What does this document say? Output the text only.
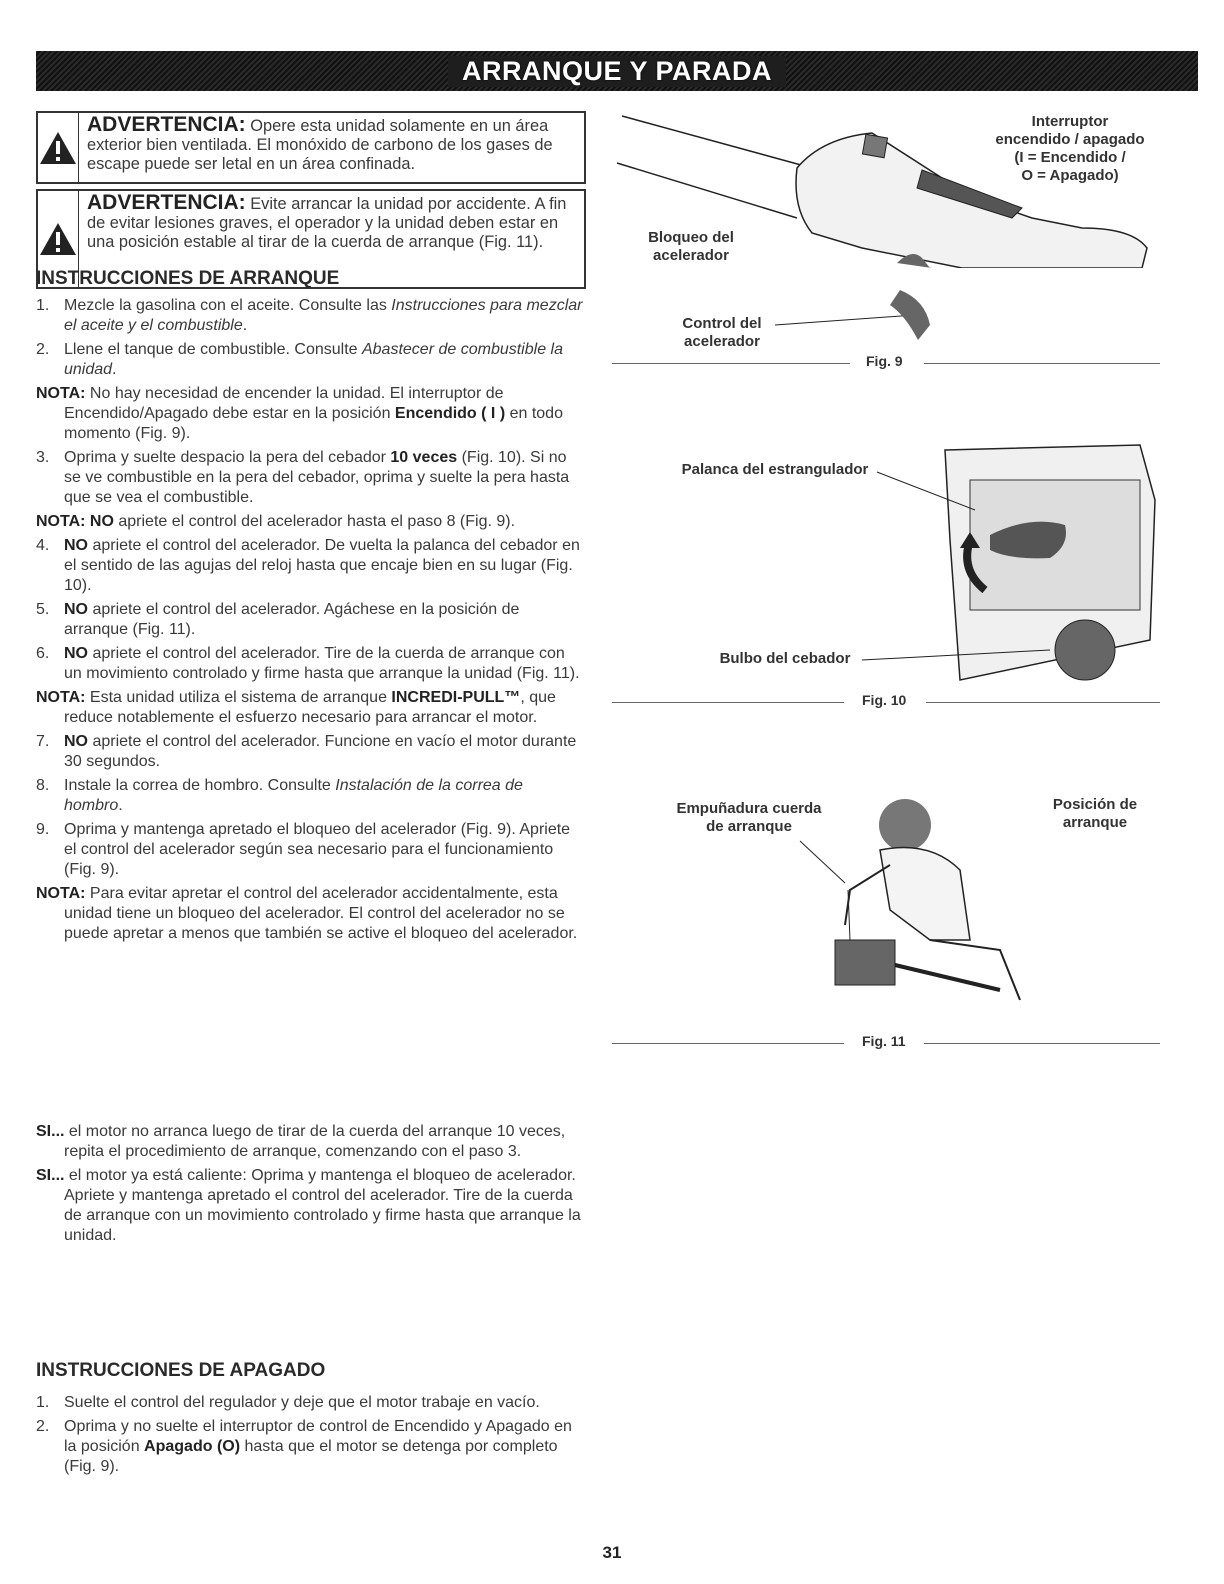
ARRANQUE Y PARADA
ADVERTENCIA: Opere esta unidad solamente en un área exterior bien ventilada. El monóxido de carbono de los gases de escape puede ser letal en un área confinada.
ADVERTENCIA: Evite arrancar la unidad por accidente. A fin de evitar lesiones graves, el operador y la unidad deben estar en una posición estable al tirar de la cuerda de arranque (Fig. 11).
INSTRUCCIONES DE ARRANQUE
1. Mezcle la gasolina con el aceite. Consulte las Instrucciones para mezclar el aceite y el combustible.
2. Llene el tanque de combustible. Consulte Abastecer de combustible la unidad.
NOTA: No hay necesidad de encender la unidad. El interruptor de Encendido/Apagado debe estar en la posición Encendido ( I ) en todo momento (Fig. 9).
3. Oprima y suelte despacio la pera del cebador 10 veces (Fig. 10). Si no se ve combustible en la pera del cebador, oprima y suelte la pera hasta que se vea el combustible.
NOTA: NO apriete el control del acelerador hasta el paso 8 (Fig. 9).
4. NO apriete el control del acelerador. De vuelta la palanca del cebador en el sentido de las agujas del reloj hasta que encaje bien en su lugar (Fig. 10).
5. NO apriete el control del acelerador. Agáchese en la posición de arranque (Fig. 11).
6. NO apriete el control del acelerador. Tire de la cuerda de arranque con un movimiento controlado y firme hasta que arranque la unidad (Fig. 11).
NOTA: Esta unidad utiliza el sistema de arranque INCREDI-PULL™, que reduce notablemente el esfuerzo necesario para arrancar el motor.
7. NO apriete el control del acelerador. Funcione en vacío el motor durante 30 segundos.
8. Instale la correa de hombro. Consulte Instalación de la correa de hombro.
9. Oprima y mantenga apretado el bloqueo del acelerador (Fig. 9). Apriete el control del acelerador según sea necesario para el funcionamiento (Fig. 9).
NOTA: Para evitar apretar el control del acelerador accidentalmente, esta unidad tiene un bloqueo del acelerador. El control del acelerador no se puede apretar a menos que también se active el bloqueo del acelerador.
SI... el motor no arranca luego de tirar de la cuerda del arranque 10 veces, repita el procedimiento de arranque, comenzando con el paso 3.
SI... el motor ya está caliente: Oprima y mantenga el bloqueo de acelerador. Apriete y mantenga apretado el control del acelerador. Tire de la cuerda de arranque con un movimiento controlado y firme hasta que arranque la unidad.
INSTRUCCIONES DE APAGADO
1. Suelte el control del regulador y deje que el motor trabaje en vacío.
2. Oprima y no suelte el interruptor de control de Encendido y Apagado en la posición Apagado (O) hasta que el motor se detenga por completo (Fig. 9).
Interruptor
encendido / apagado
(I = Encendido /
O = Apagado)
Bloqueo del
acelerador
Control del
acelerador
Fig. 9
Palanca del estrangulador
Bulbo del cebador
Fig. 10
Empuñadura cuerda
de arranque
Posición de
arranque
Fig. 11
31
